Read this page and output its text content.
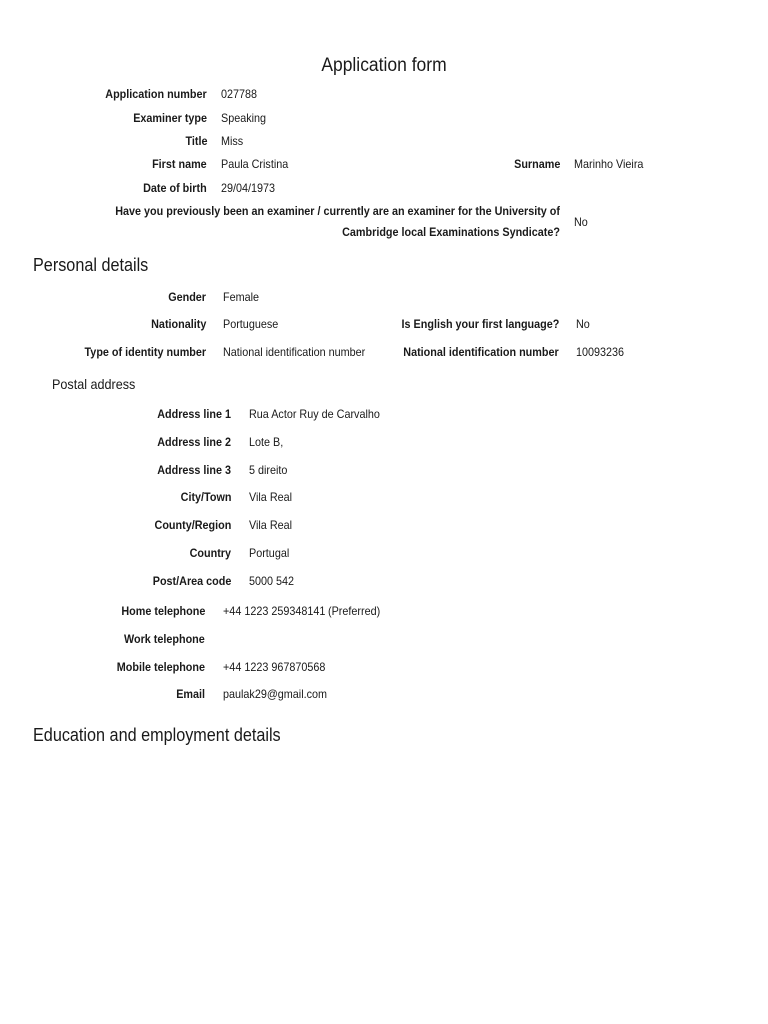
Application form
Application number 027788
Examiner type Speaking
Title Miss
First name Paula Cristina	Surname Marinho Vieira
Date of birth 29/04/1973
Have you previously been an examiner / currently are an examiner for the University of Cambridge local Examinations Syndicate?
No
Personal details
Gender Female
Nationality Portuguese	Is English your first language? No
Type of identity number National identification number	National identification number 10093236
Postal address
Address line 1 Rua Actor Ruy de Carvalho
Address line 2 Lote B,
Address line 3 5 direito
City/Town Vila Real
County/Region Vila Real
Country Portugal
Post/Area code 5000 542
Home telephone +44 1223 259348141 (Preferred)
Work telephone
Mobile telephone +44 1223 967870568
Email paulak29@gmail.com
Education and employment details
